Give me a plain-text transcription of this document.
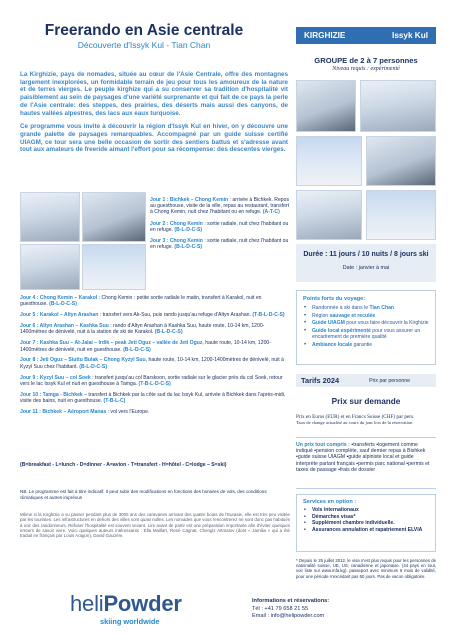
Freerando en Asie centrale
Découverte d'Issyk Kul - Tian Chan

La Kirghizie, pays de nomades, située au cœur de l'Asie Centrale, offre des montagnes largement inexplorées, un formidable terrain de jeu pour tous les amoureux de la nature et de terres vierges. Le peuple kirghize qui a su conserver sa tradition d'hospitalité vit paisiblement au sein de paysages d'une variété surprenante et qui fait de ce pays la perle de l'Asie centrale: des steppes, des prairies, des déserts mais aussi des canyons, de hautes vallées alpestres, des lacs aux eaux turquoise.

Ce programme vous invite à découvrir la région d'Issyk Kul en hiver, on y découvre une grande palette de paysages remarquables. Accompagné par un guide suisse certifié UIAGM, ce tour sera une belle occasion de sortir des sentiers battus et s'adresse avant tout aux amateurs de freeride aimant l'effort pour sa récompense: des descentes vierges.

Jour 1 : Bichkek – Chong Kemin : arrivée à Bichkek. Repos au guesthouse, visite de la ville, repas au restaurant, transfert à Chong Kemin, nuit chez l'habitant ou en refuge. (A-T-C)

Jour 2 : Chong Kemin : sortie radiale, nuit chez l'habitant ou en refuge. (B-L-D-C-S)

Jour 3 : Chong Kemin : sortie radiale, nuit chez l'habitant ou en refuge. (B-L-D-C-S)

Jour 4 : Chong Kemin – Karakol : Chong Kemin : petite sortie radiale le matin, transfert à Karakol, nuit en guesthouse. (B-L-D-C-S)

Jour 5 : Karakol – Altyn Arashan : transfert vers Ak-Suu, puis rando jusqu'au refuge d'Altyn Arashan. (T-B-L-D-C-S)

Jour 6 : Altyn Arashan – Kashka Suu : rando d'Altyn Arashan à Kashka Suu, haute route, 10-14 km, 1200-1400mètres de dénivelé, nuit à la station de ski de Karakol. (B-L-D-C-S)

Jour 7 : Kashka Suu – At-Jalai – Irdik – peak Jeti Oguz – vallée de Jeti Oguz, haute route, 10-14 km, 1200-1400mètres de dénivelé, nuit en guesthouse. (B-L-D-C-S)

Jour 8 : Jeti Oguz – Siuttu Bulak – Chong Kyzyl Suu, haute route, 10-14 km, 1200-1400mètres de dénivelé, nuit à Kyzyl Suu chez l'habitant. (B-L-D-C-S)

Jour 9 : Kyzyl Suu – col Soek : transfert jusqu'au col Barskoon, sortie radiale sur le glacier près du col Soek, retour vers le lac Issyk Kul et nuit en guesthouse à Tamga. (T-B-L-D-C-S)

Jour 10 : Tamga - Bichkek – transfert à Bichkek par la côte sud du lac Issyk Kul, arrivée à Bichkek dans l'après-midi, visite des bains, nuit en guesthouse. (T-B-L-C)

Jour 11 : Bichkek – Aéroport Manas : vol vers l'Europe.

(B=breakfast - L=lunch - D=dinner - A=avion - T=transfert - H=hôtel - C=lodge – S=ski)
NB. Le programme est fait à titre indicatif. Il peut subir des modifications en fonctions des horaires de vols, des conditions climatiques et autres imprévus
Même si la Kirghizie a vu passer pendant plus de 3000 ans des caravanes arrivant des quatre bouts de l'Eurasie, elle est très peu visitée par les touristes. Les infrastructures en dehors des villes sont quasi nulles. Les nomades que vous rencontrerez ne sont donc pas habitués à voir des randonneurs. Refuser l'hospitalité est souvent vexant. Lire avant de partir est une préparation importante afin d'éviter quelques erreurs de savoir vivre. Voici quelques auteurs intéressants : Ella Maillart, René Cagnat, Chengiz Aïtmatov (dont « Jamilia » qui a été traduit en français par Louis Aragon), David Gauzère.
KIRGHIZIE	Issyk Kul
GROUPE de 2 à 7 personnes
Niveau requis : expérimenté
Durée : 11 jours / 10 nuits / 8 jours ski
Date : janvier à mai
Points forts du voyage:
• Randonnée à ski dans le Tian Chan
• Région sauvage et reculée
• Guide UIAGM pour vous faire découvrir la Kirghizie
• Guide local expérimenté pour vous assurer un encadrement de première qualité
• Ambiance locale garantie
Tarifs 2024	Prix par personne
Prix sur demande
Prix en Euros (EUR) et en Francs Suisse (CHF) par pers.
Taux de change actualisé au cours du jour lors de la réservation
Un prix tout compris : ▪transferts ▪logement comme indiqué ▪pension complète, sauf dernier repas à Bishkek ▪guide suisse UIAGM ▪guide alpiniste local et guide interprète parlant français ▪permis parc national ▪permis et taxes de passage ▪frais de dossier
Services en option :
• Vols internationaux
• Démarches visas*
• Supplément chambre individuelle.
• Assurances annulation et rapatriement ELVIA
* Depuis le 25 juillet 2012, le visa n'est plus requis pour les personnes de nationalité suisse, UE, US, canadienne et japonaise. (44 pays en tout, voir liste sur www.mfa.kg). passeport avec minimum 6 mois de validité, pour une période n'excédant pas 60 jours. Pas de vacon obligatoire.
heliPowder
skiing worldwide
Informations et réservations:
Tél : +41 79 658 21 55
Email : info@helipowder.com
